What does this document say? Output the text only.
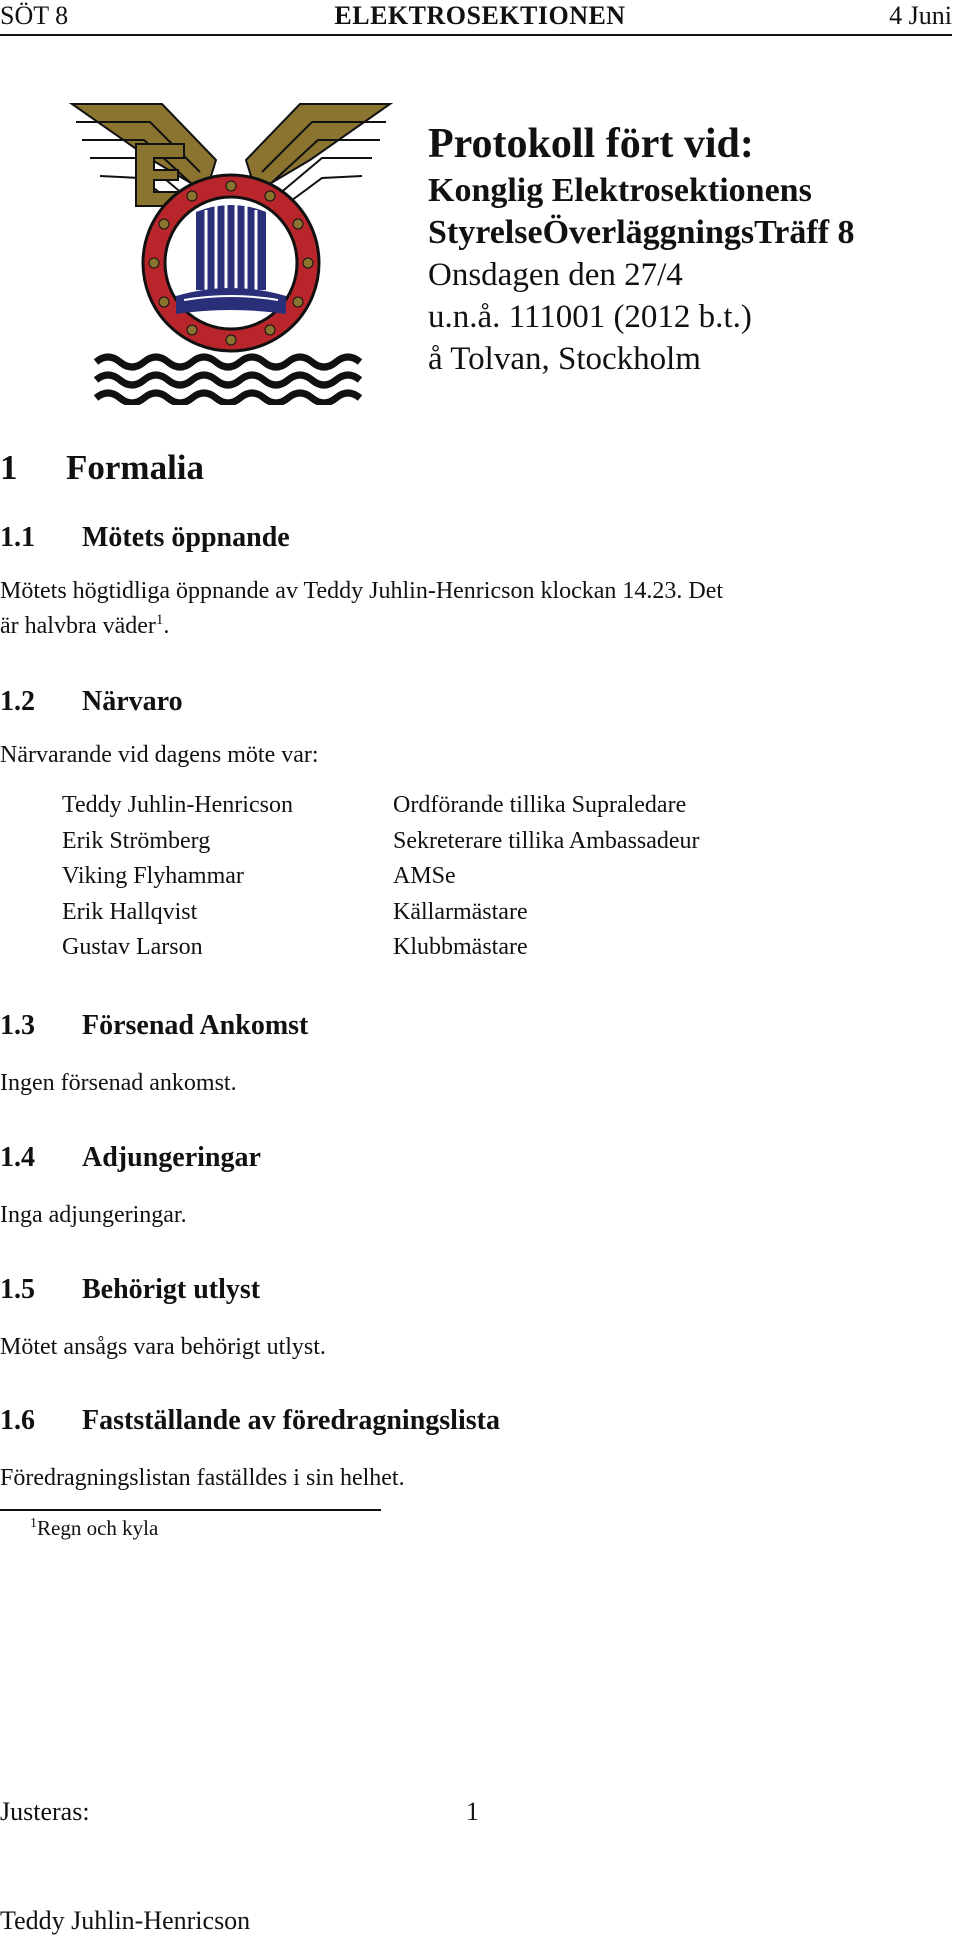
SÖT 8	ELEKTROSEKTIONEN	4 Juni
Protokoll fört vid:
Konglig Elektrosektionens
StyrelseÖverläggningsTräff 8
Onsdagen den 27/4
u.n.å. 111001 (2012 b.t.)
å Tolvan, Stockholm
1 Formalia
1.1 Mötets öppnande
Mötets högtidliga öppnande av Teddy Juhlin-Henricson klockan 14.23. Det
är halvbra väder$^1$.
1.2 Närvaro
Närvarande vid dagens möte var:
Teddy Juhlin-Henricson	Ordförande tillika Supraledare
Erik Strömberg	Sekreterare tillika Ambassadeur
Viking Flyhammar	AMSe
Erik Hallqvist	Källarmästare
Gustav Larson	Klubbmästare
1.3 Försenad Ankomst
Ingen försenad ankomst.
1.4 Adjungeringar
Inga adjungeringar.
1.5 Behörigt utlyst
Mötet ansågs vara behörigt utlyst.
1.6 Fastställande av föredragningslista
Föredragningslistan faställdes i sin helhet.
$^1$Regn och kyla
Justeras:	1
Teddy Juhlin-Henricson
